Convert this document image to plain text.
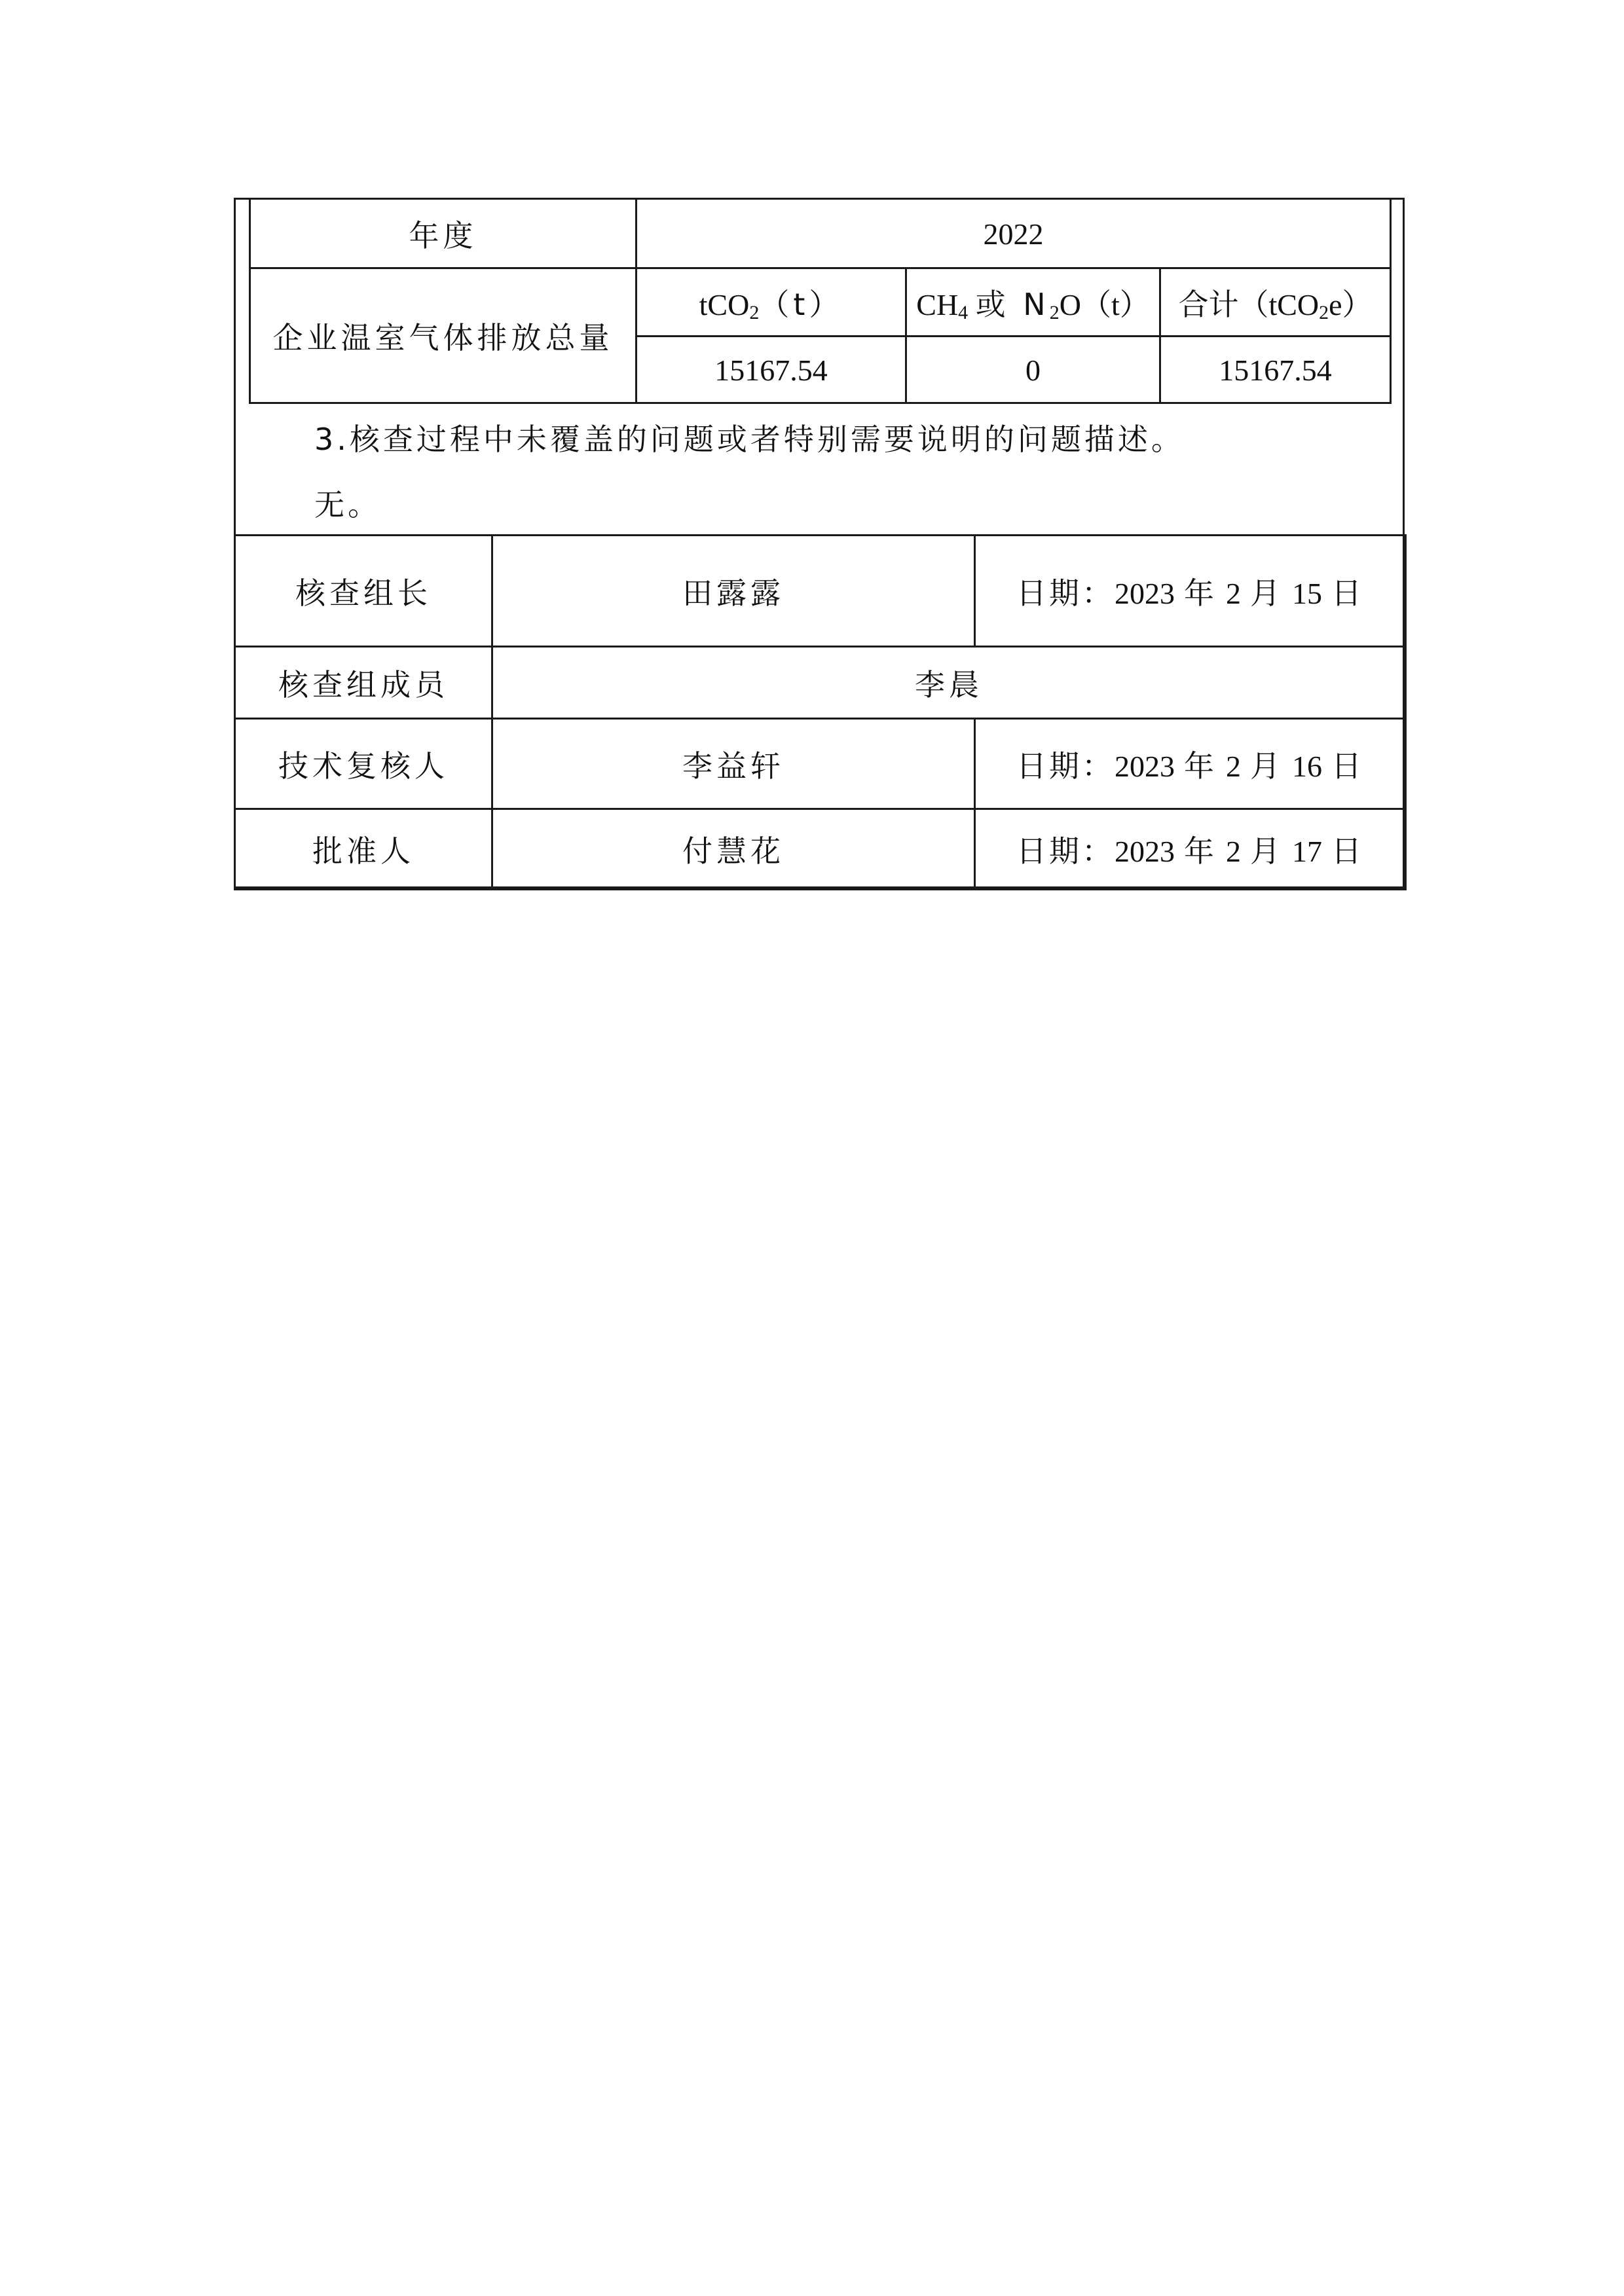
年度	2022		
企业温室气体排放总量	tCO$_2$（t）	$CH_4$ 或 $N_2O(t)$	合计（tCO$_2$e）
	15167.54	0	15167.54
3.核查过程中未覆盖的问题或者特别需要说明的问题描述。
无。
核查组长	田露露	日期：2023 年 2 月 15 日
核查组成员	李晨	
技术复核人	李益轩	日期：2023 年 2 月 16 日
批准人	付慧花	日期：2023 年 2 月 17 日
